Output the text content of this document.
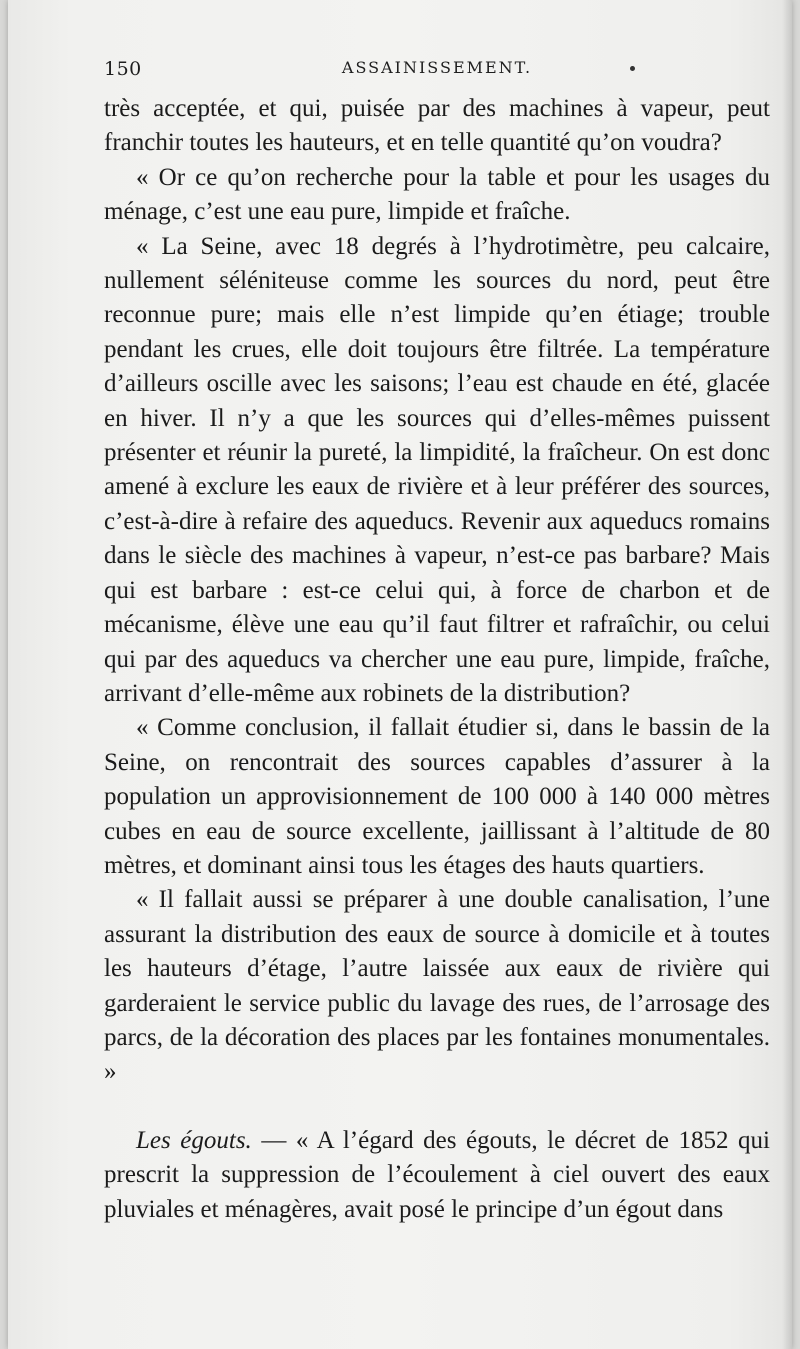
150	ASSAINISSEMENT.

très acceptée, et qui, puisée par des machines à vapeur, peut franchir toutes les hauteurs, et en telle quantité qu’on voudra?

« Or ce qu’on recherche pour la table et pour les usages du ménage, c’est une eau pure, limpide et fraîche.

« La Seine, avec 18 degrés à l’hydrotimètre, peu calcaire, nullement séléniteuse comme les sources du nord, peut être reconnue pure; mais elle n’est limpide qu’en étiage; trouble pendant les crues, elle doit toujours être filtrée. La température d’ailleurs oscille avec les saisons; l’eau est chaude en été, glacée en hiver. Il n’y a que les sources qui d’elles-mêmes puissent présenter et réunir la pureté, la limpidité, la fraîcheur. On est donc amené à exclure les eaux de rivière et à leur préférer des sources, c’est-à-dire à refaire des aqueducs. Revenir aux aqueducs romains dans le siècle des machines à vapeur, n’est-ce pas barbare? Mais qui est barbare : est-ce celui qui, à force de charbon et de mécanisme, élève une eau qu’il faut filtrer et rafraîchir, ou celui qui par des aqueducs va chercher une eau pure, limpide, fraîche, arrivant d’elle-même aux robinets de la distribution?

« Comme conclusion, il fallait étudier si, dans le bassin de la Seine, on rencontrait des sources capables d’assurer à la population un approvisionnement de 100 000 à 140 000 mètres cubes en eau de source excellente, jaillissant à l’altitude de 80 mètres, et dominant ainsi tous les étages des hauts quartiers.

« Il fallait aussi se préparer à une double canalisation, l’une assurant la distribution des eaux de source à domicile et à toutes les hauteurs d’étage, l’autre laissée aux eaux de rivière qui garderaient le service public du lavage des rues, de l’arrosage des parcs, de la décoration des places par les fontaines monumentales. »

Les égouts. — « A l’égard des égouts, le décret de 1852 qui prescrit la suppression de l’écoulement à ciel ouvert des eaux pluviales et ménagères, avait posé le principe d’un égout dans
